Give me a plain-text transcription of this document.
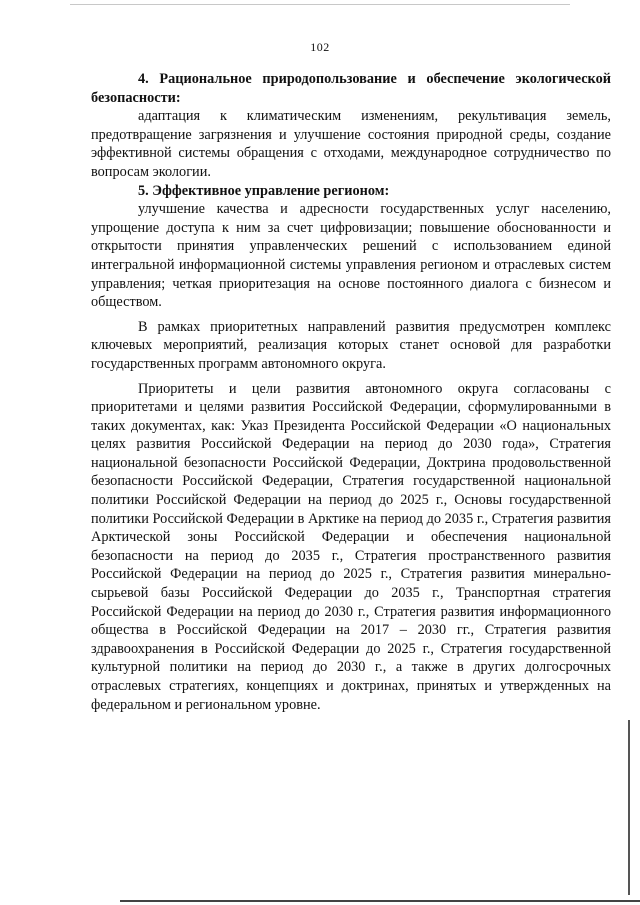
102

4. Рациональное природопользование и обеспечение экологической безопасности:

адаптация к климатическим изменениям, рекультивация земель, предотвращение загрязнения и улучшение состояния природной среды, создание эффективной системы обращения с отходами, международное сотрудничество по вопросам экологии.

5. Эффективное управление регионом:

улучшение качества и адресности государственных услуг населению, упрощение доступа к ним за счет цифровизации; повышение обоснованности и открытости принятия управленческих решений с использованием единой интегральной информационной системы управления регионом и отраслевых систем управления; четкая приоритезация на основе постоянного диалога с бизнесом и обществом.

В рамках приоритетных направлений развития предусмотрен комплекс ключевых мероприятий, реализация которых станет основой для разработки государственных программ автономного округа.

Приоритеты и цели развития автономного округа согласованы с приоритетами и целями развития Российской Федерации, сформулированными в таких документах, как: Указ Президента Российской Федерации «О национальных целях развития Российской Федерации на период до 2030 года», Стратегия национальной безопасности Российской Федерации, Доктрина продовольственной безопасности Российской Федерации, Стратегия государственной национальной политики Российской Федерации на период до 2025 г., Основы государственной политики Российской Федерации в Арктике на период до 2035 г., Стратегия развития Арктической зоны Российской Федерации и обеспечения национальной безопасности на период до 2035 г., Стратегия пространственного развития Российской Федерации на период до 2025 г., Стратегия развития минерально-сырьевой базы Российской Федерации до 2035 г., Транспортная стратегия Российской Федерации на период до 2030 г., Стратегия развития информационного общества в Российской Федерации на 2017 – 2030 гг., Стратегия развития здравоохранения в Российской Федерации до 2025 г., Стратегия государственной культурной политики на период до 2030 г., а также в других долгосрочных отраслевых стратегиях, концепциях и доктринах, принятых и утвержденных на федеральном и региональном уровне.
